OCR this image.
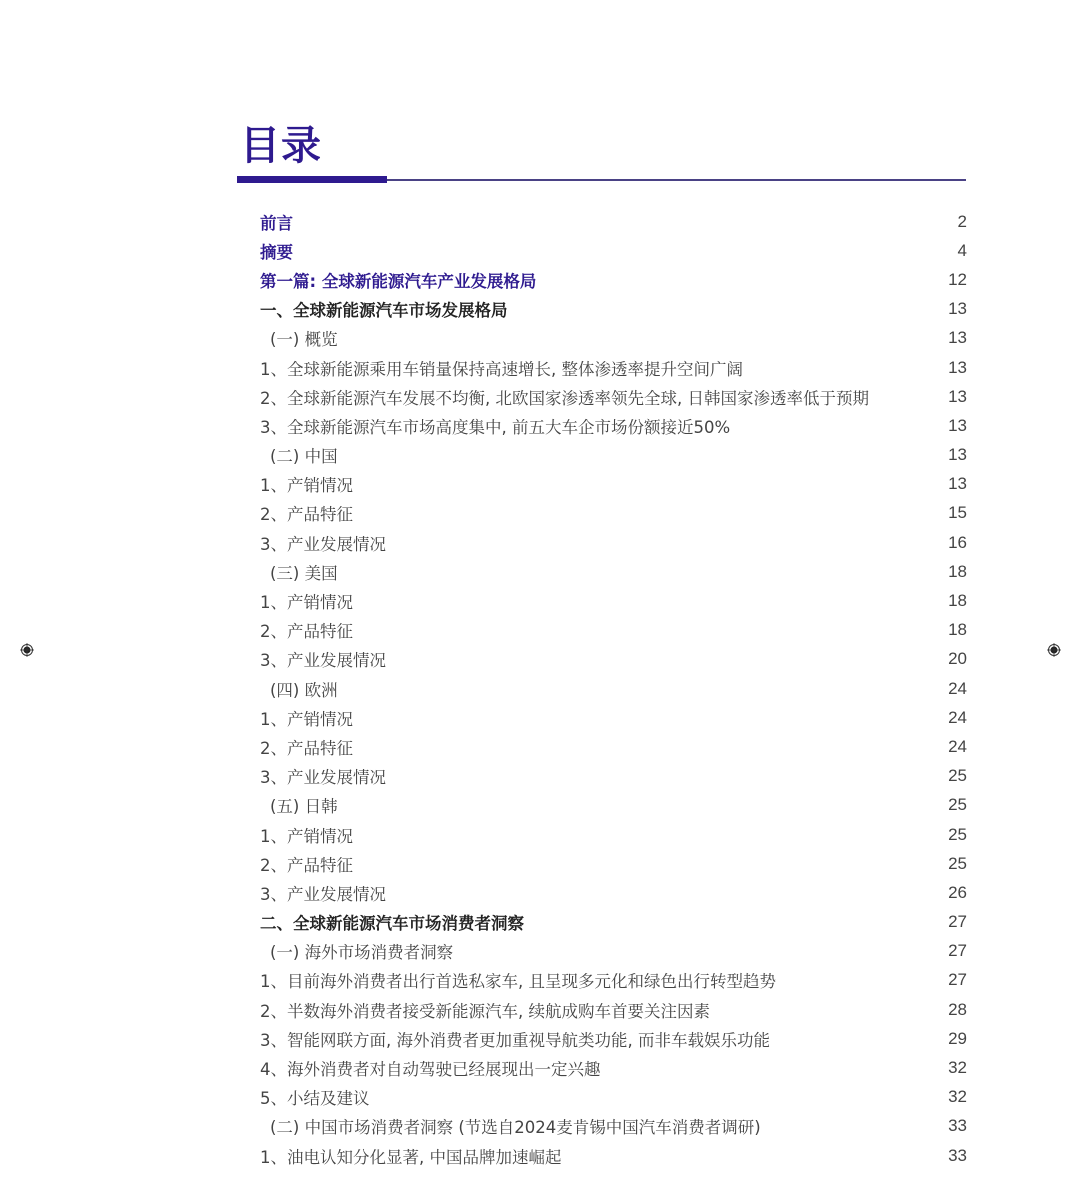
目录
前言	2
摘要	4
第一篇: 全球新能源汽车产业发展格局	12
一、全球新能源汽车市场发展格局	13
(一) 概览	13
1、全球新能源乘用车销量保持高速增长, 整体渗透率提升空间广阔	13
2、全球新能源汽车发展不均衡, 北欧国家渗透率领先全球, 日韩国家渗透率低于预期	13
3、全球新能源汽车市场高度集中, 前五大车企市场份额接近50%	13
(二) 中国	13
1、产销情况	13
2、产品特征	15
3、产业发展情况	16
(三) 美国	18
1、产销情况	18
2、产品特征	18
3、产业发展情况	20
(四) 欧洲	24
1、产销情况	24
2、产品特征	24
3、产业发展情况	25
(五) 日韩	25
1、产销情况	25
2、产品特征	25
3、产业发展情况	26
二、全球新能源汽车市场消费者洞察	27
(一) 海外市场消费者洞察	27
1、目前海外消费者出行首选私家车, 且呈现多元化和绿色出行转型趋势	27
2、半数海外消费者接受新能源汽车, 续航成购车首要关注因素	28
3、智能网联方面, 海外消费者更加重视导航类功能, 而非车载娱乐功能	29
4、海外消费者对自动驾驶已经展现出一定兴趣	32
5、小结及建议	32
(二) 中国市场消费者洞察 (节选自2024麦肯锡中国汽车消费者调研)	33
1、油电认知分化显著, 中国品牌加速崛起	33
